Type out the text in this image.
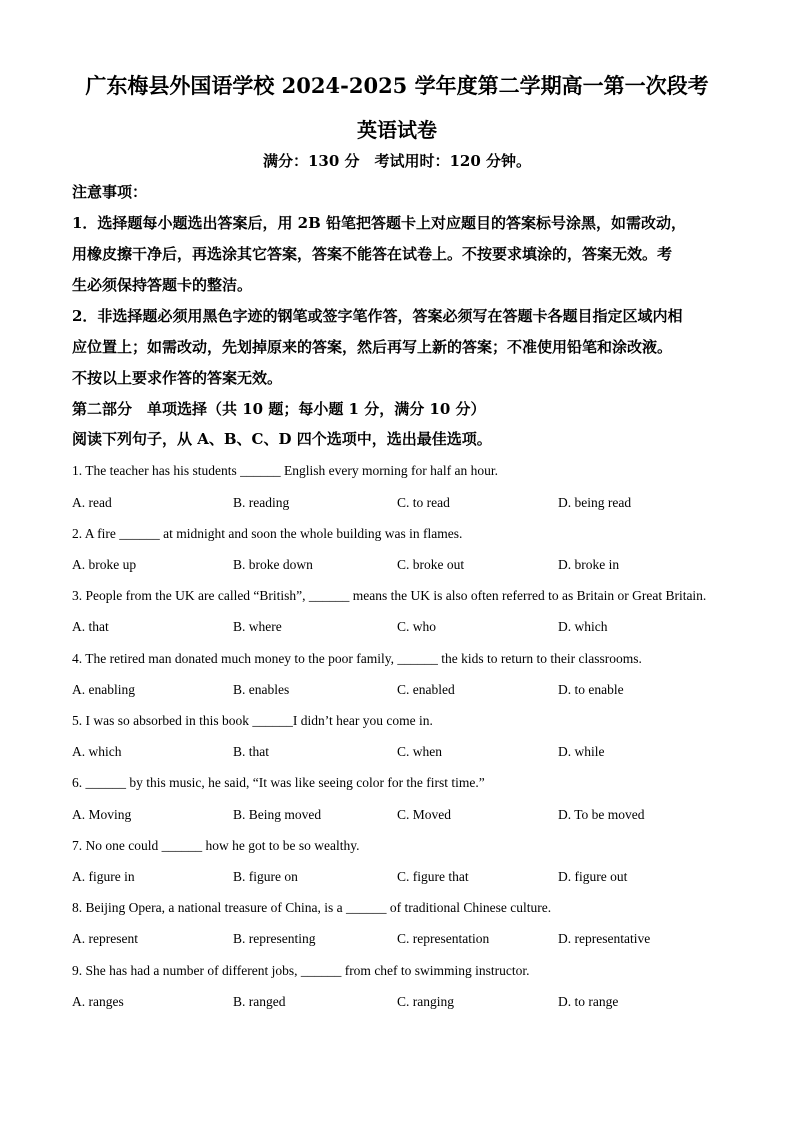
广东梅县外国语学校 2024-2025 学年度第二学期高一第一次段考
英语试卷
满分：130 分　考试用时：120 分钟。
注意事项：
1．选择题每小题选出答案后，用 2B 铅笔把答题卡上对应题目的答案标号涂黑，如需改动，
用橡皮擦干净后，再选涂其它答案，答案不能答在试卷上。不按要求填涂的，答案无效。考
生必须保持答题卡的整洁。
2．非选择题必须用黑色字迹的钢笔或签字笔作答，答案必须写在答题卡各题目指定区域内相
应位置上；如需改动，先划掉原来的答案，然后再写上新的答案；不准使用铅笔和涂改液。
不按以上要求作答的答案无效。
第二部分　单项选择（共 10 题；每小题 1 分，满分 10 分）
阅读下列句子，从 A、B、C、D 四个选项中，选出最佳选项。
1. The teacher has his students ______ English every morning for half an hour.
A. read	B. reading	C. to read	D. being read
2. A fire ______ at midnight and soon the whole building was in flames.
A. broke up	B. broke down	C. broke out	D. broke in
3. People from the UK are called “British”, ______ means the UK is also often referred to as Britain or Great Britain.
A. that	B. where	C. who	D. which
4. The retired man donated much money to the poor family, ______ the kids to return to their classrooms.
A. enabling	B. enables	C. enabled	D. to enable
5. I was so absorbed in this book ______I didn’t hear you come in.
A. which	B. that	C. when	D. while
6. ______ by this music, he said, “It was like seeing color for the first time.”
A. Moving	B. Being moved	C. Moved	D. To be moved
7. No one could ______ how he got to be so wealthy.
A. figure in	B. figure on	C. figure that	D. figure out
8. Beijing Opera, a national treasure of China, is a ______ of traditional Chinese culture.
A. represent	B. representing	C. representation	D. representative
9. She has had a number of different jobs, ______ from chef to swimming instructor.
A. ranges	B. ranged	C. ranging	D. to range
